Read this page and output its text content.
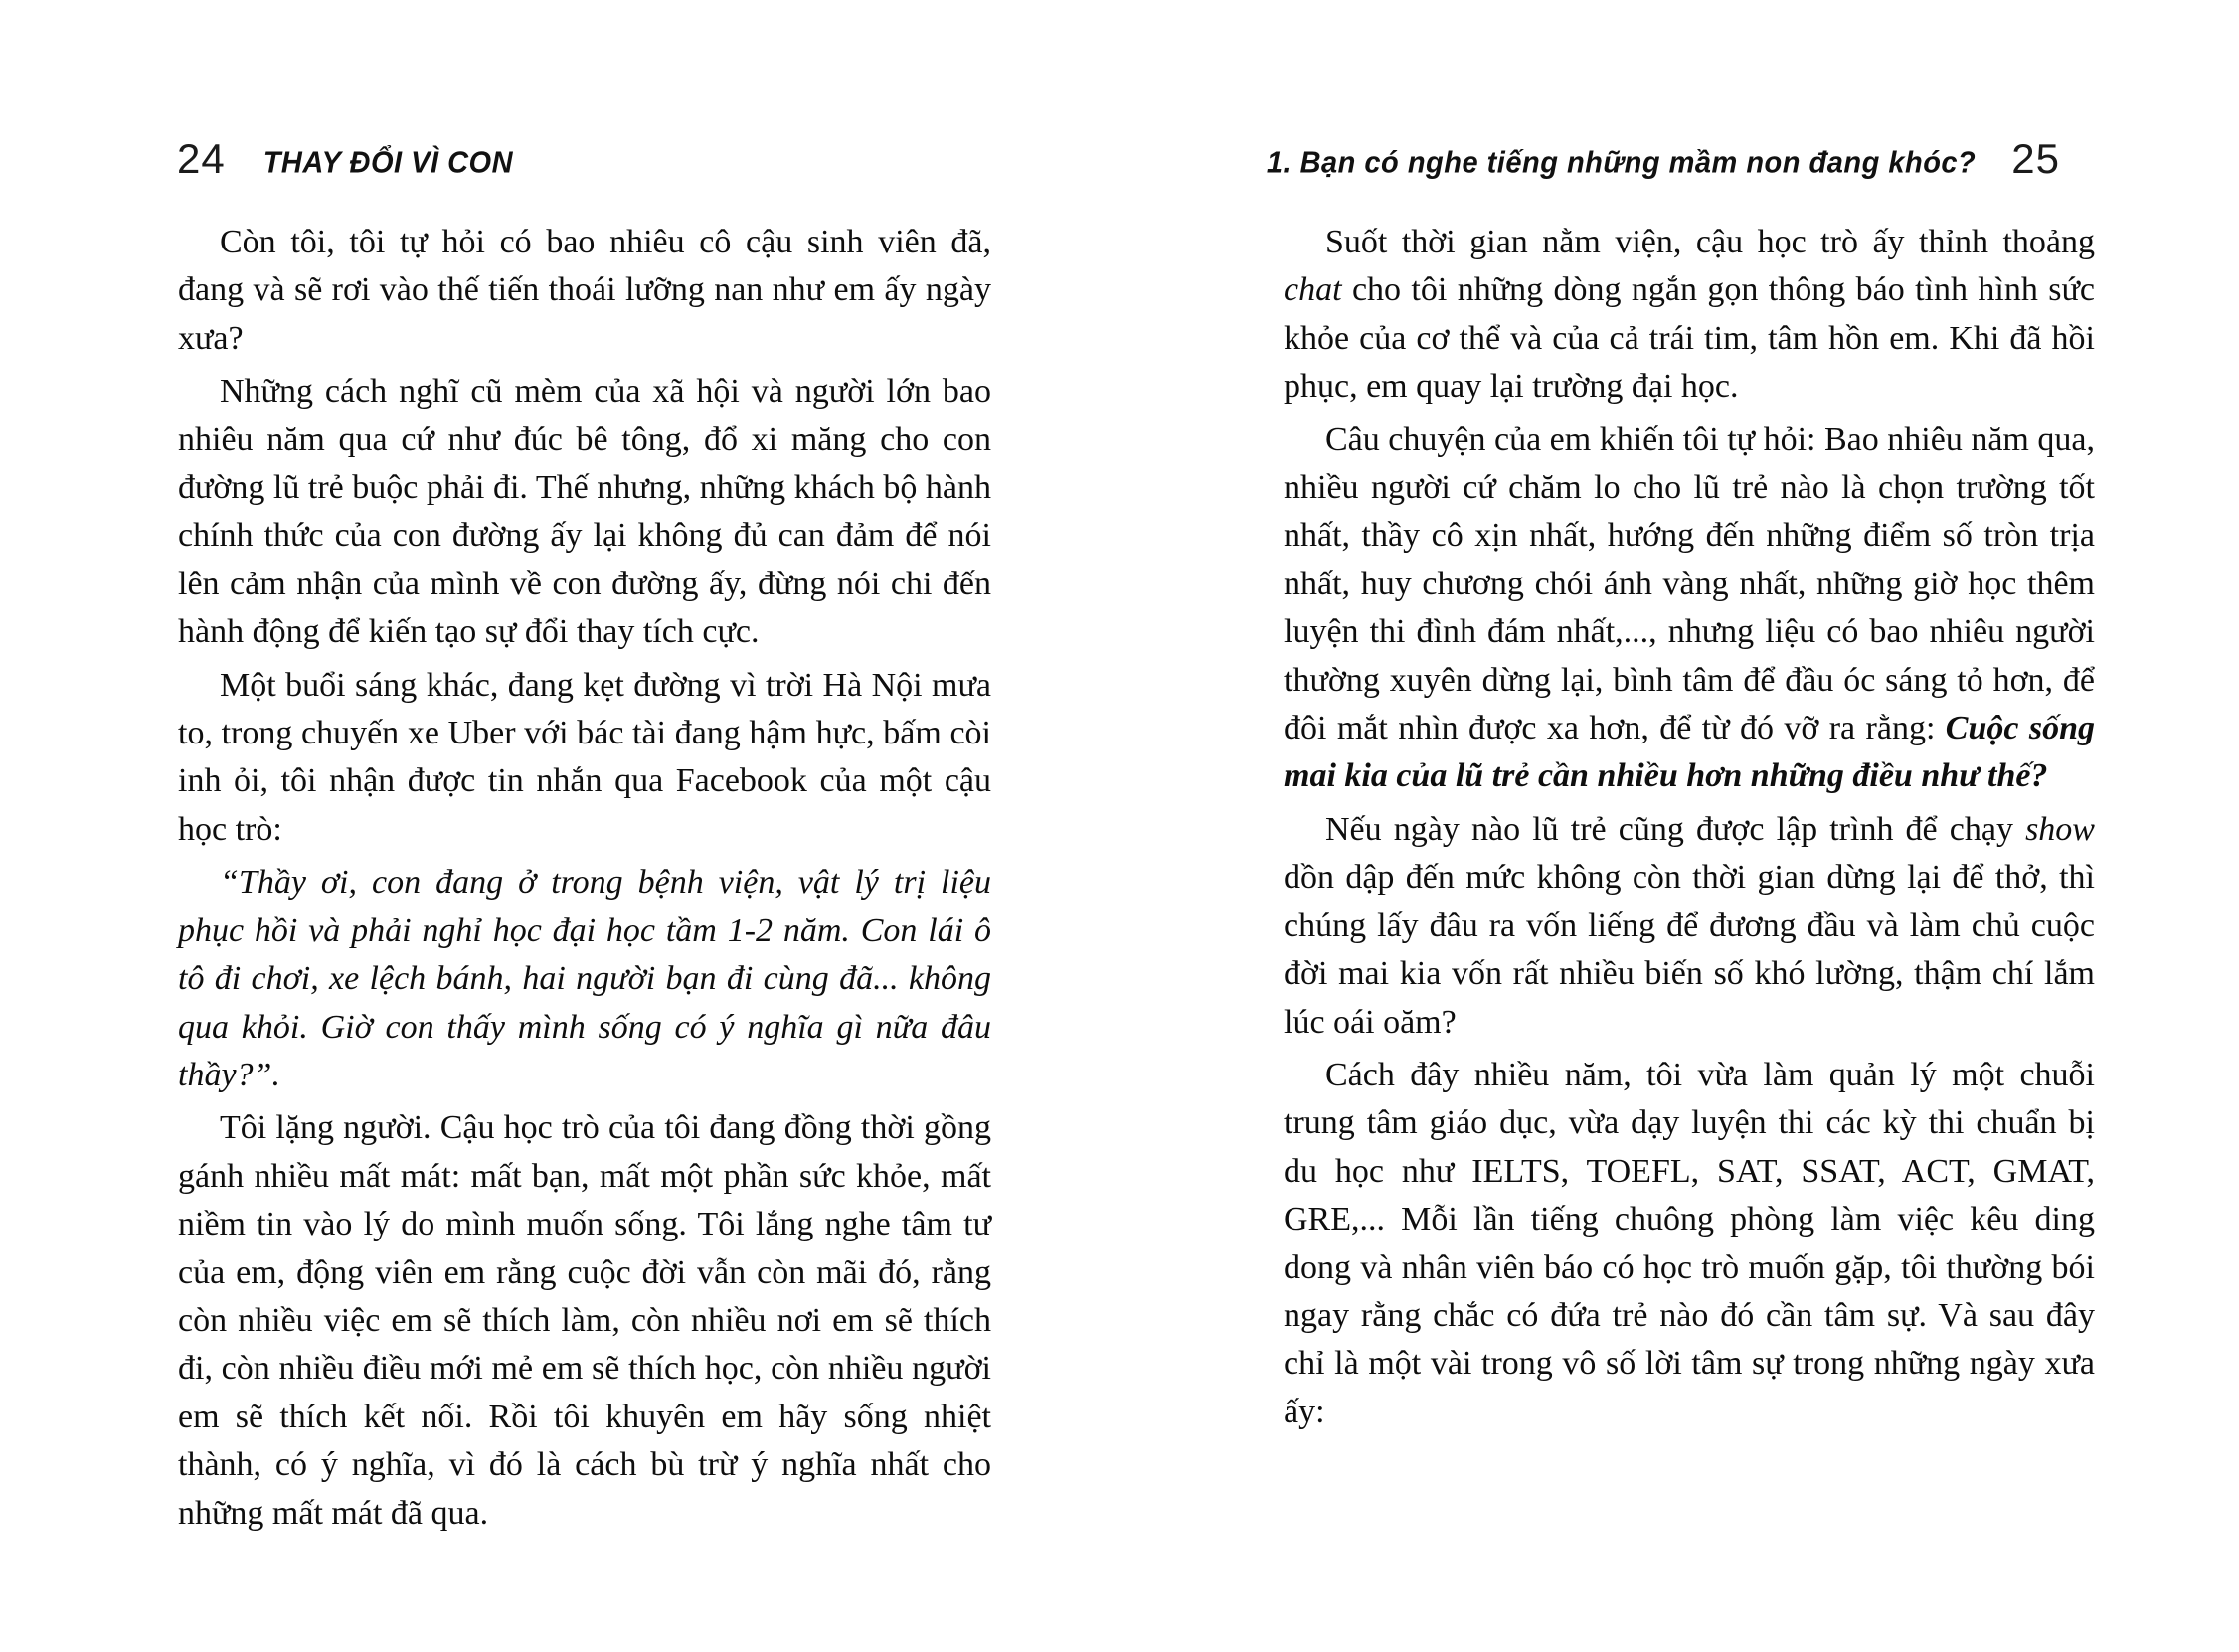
24 THAY ĐỔI VÌ CON	1. Bạn có nghe tiếng những mầm non đang khóc? 25

Còn tôi, tôi tự hỏi có bao nhiêu cô cậu sinh viên đã, đang và sẽ rơi vào thế tiến thoái lưỡng nan như em ấy ngày xưa?

Những cách nghĩ cũ mèm của xã hội và người lớn bao nhiêu năm qua cứ như đúc bê tông, đổ xi măng cho con đường lũ trẻ buộc phải đi. Thế nhưng, những khách bộ hành chính thức của con đường ấy lại không đủ can đảm để nói lên cảm nhận của mình về con đường ấy, đừng nói chi đến hành động để kiến tạo sự đổi thay tích cực.

Một buổi sáng khác, đang kẹt đường vì trời Hà Nội mưa to, trong chuyến xe Uber với bác tài đang hậm hực, bấm còi inh ỏi, tôi nhận được tin nhắn qua Facebook của một cậu học trò:

“Thầy ơi, con đang ở trong bệnh viện, vật lý trị liệu phục hồi và phải nghỉ học đại học tầm 1-2 năm. Con lái ô tô đi chơi, xe lệch bánh, hai người bạn đi cùng đã... không qua khỏi. Giờ con thấy mình sống có ý nghĩa gì nữa đâu thầy?”.

Tôi lặng người. Cậu học trò của tôi đang đồng thời gồng gánh nhiều mất mát: mất bạn, mất một phần sức khỏe, mất niềm tin vào lý do mình muốn sống. Tôi lắng nghe tâm tư của em, động viên em rằng cuộc đời vẫn còn mãi đó, rằng còn nhiều việc em sẽ thích làm, còn nhiều nơi em sẽ thích đi, còn nhiều điều mới mẻ em sẽ thích học, còn nhiều người em sẽ thích kết nối. Rồi tôi khuyên em hãy sống nhiệt thành, có ý nghĩa, vì đó là cách bù trừ ý nghĩa nhất cho những mất mát đã qua.

Suốt thời gian nằm viện, cậu học trò ấy thỉnh thoảng chat cho tôi những dòng ngắn gọn thông báo tình hình sức khỏe của cơ thể và của cả trái tim, tâm hồn em. Khi đã hồi phục, em quay lại trường đại học.

Câu chuyện của em khiến tôi tự hỏi: Bao nhiêu năm qua, nhiều người cứ chăm lo cho lũ trẻ nào là chọn trường tốt nhất, thầy cô xịn nhất, hướng đến những điểm số tròn trịa nhất, huy chương chói ánh vàng nhất, những giờ học thêm luyện thi đình đám nhất,..., nhưng liệu có bao nhiêu người thường xuyên dừng lại, bình tâm để đầu óc sáng tỏ hơn, để đôi mắt nhìn được xa hơn, để từ đó vỡ ra rằng: Cuộc sống mai kia của lũ trẻ cần nhiều hơn những điều như thế?

Nếu ngày nào lũ trẻ cũng được lập trình để chạy show dồn dập đến mức không còn thời gian dừng lại để thở, thì chúng lấy đâu ra vốn liếng để đương đầu và làm chủ cuộc đời mai kia vốn rất nhiều biến số khó lường, thậm chí lắm lúc oái oăm?

Cách đây nhiều năm, tôi vừa làm quản lý một chuỗi trung tâm giáo dục, vừa dạy luyện thi các kỳ thi chuẩn bị du học như IELTS, TOEFL, SAT, SSAT, ACT, GMAT, GRE,... Mỗi lần tiếng chuông phòng làm việc kêu ding dong và nhân viên báo có học trò muốn gặp, tôi thường bói ngay rằng chắc có đứa trẻ nào đó cần tâm sự. Và sau đây chỉ là một vài trong vô số lời tâm sự trong những ngày xưa ấy:
